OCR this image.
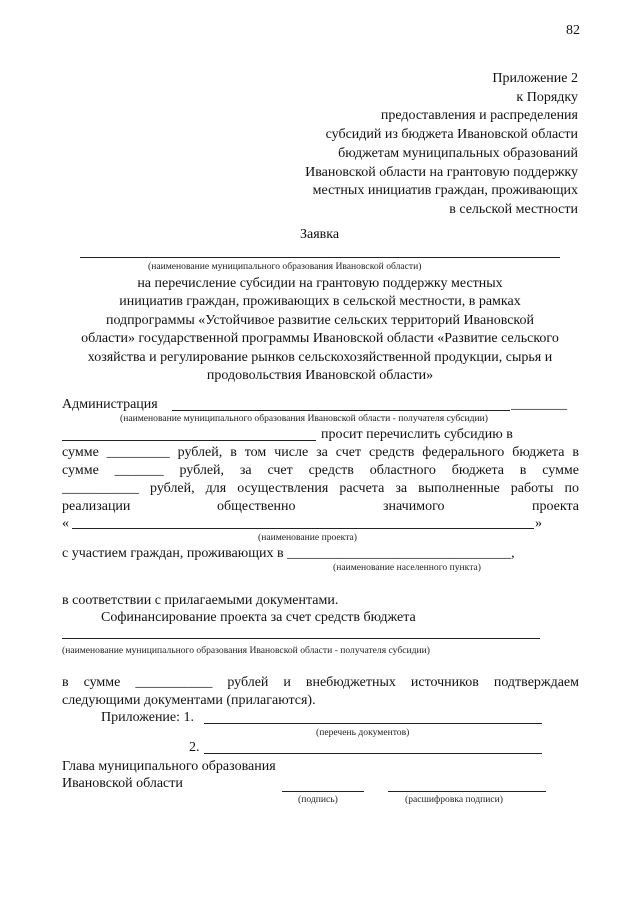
82
Приложение 2
к Порядку
предоставления и распределения
субсидий из бюджета Ивановской области
бюджетам муниципальных образований
Ивановской области на грантовую поддержку
местных инициатив граждан, проживающих
в сельской местности
Заявка
(наименование муниципального образования Ивановской области)
на перечисление субсидии на грантовую поддержку местных
инициатив граждан, проживающих в сельской местности, в рамках
подпрограммы «Устойчивое развитие сельских территорий Ивановской
области» государственной программы Ивановской области «Развитие сельского
хозяйства и регулирование рынков сельскохозяйственной продукции, сырья и
продовольствия Ивановской области»
Администрация	________
(наименование муниципального образования Ивановской области - получателя субсидии)
просит перечислить субсидию в
сумме _________ рублей, в том числе за счет средств федерального бюджета в
сумме _______ рублей, за счет средств областного бюджета в сумме
___________ рублей, для осуществления расчета за выполненные работы по
реализации	общественно	значимого	проекта
«	»
(наименование проекта)
с участием граждан, проживающих в ________________________________,
(наименование населенного пункта)
в соответствии с прилагаемыми документами.
Софинансирование проекта за счет средств бюджета
(наименование муниципального образования Ивановской области - получателя субсидии)
в сумме ___________ рублей и внебюджетных источников подтверждаем
следующими документами (прилагаются).
Приложение: 1.
(перечень документов)
2.
Глава муниципального образования
Ивановской области
(подпись)	(расшифровка подписи)
